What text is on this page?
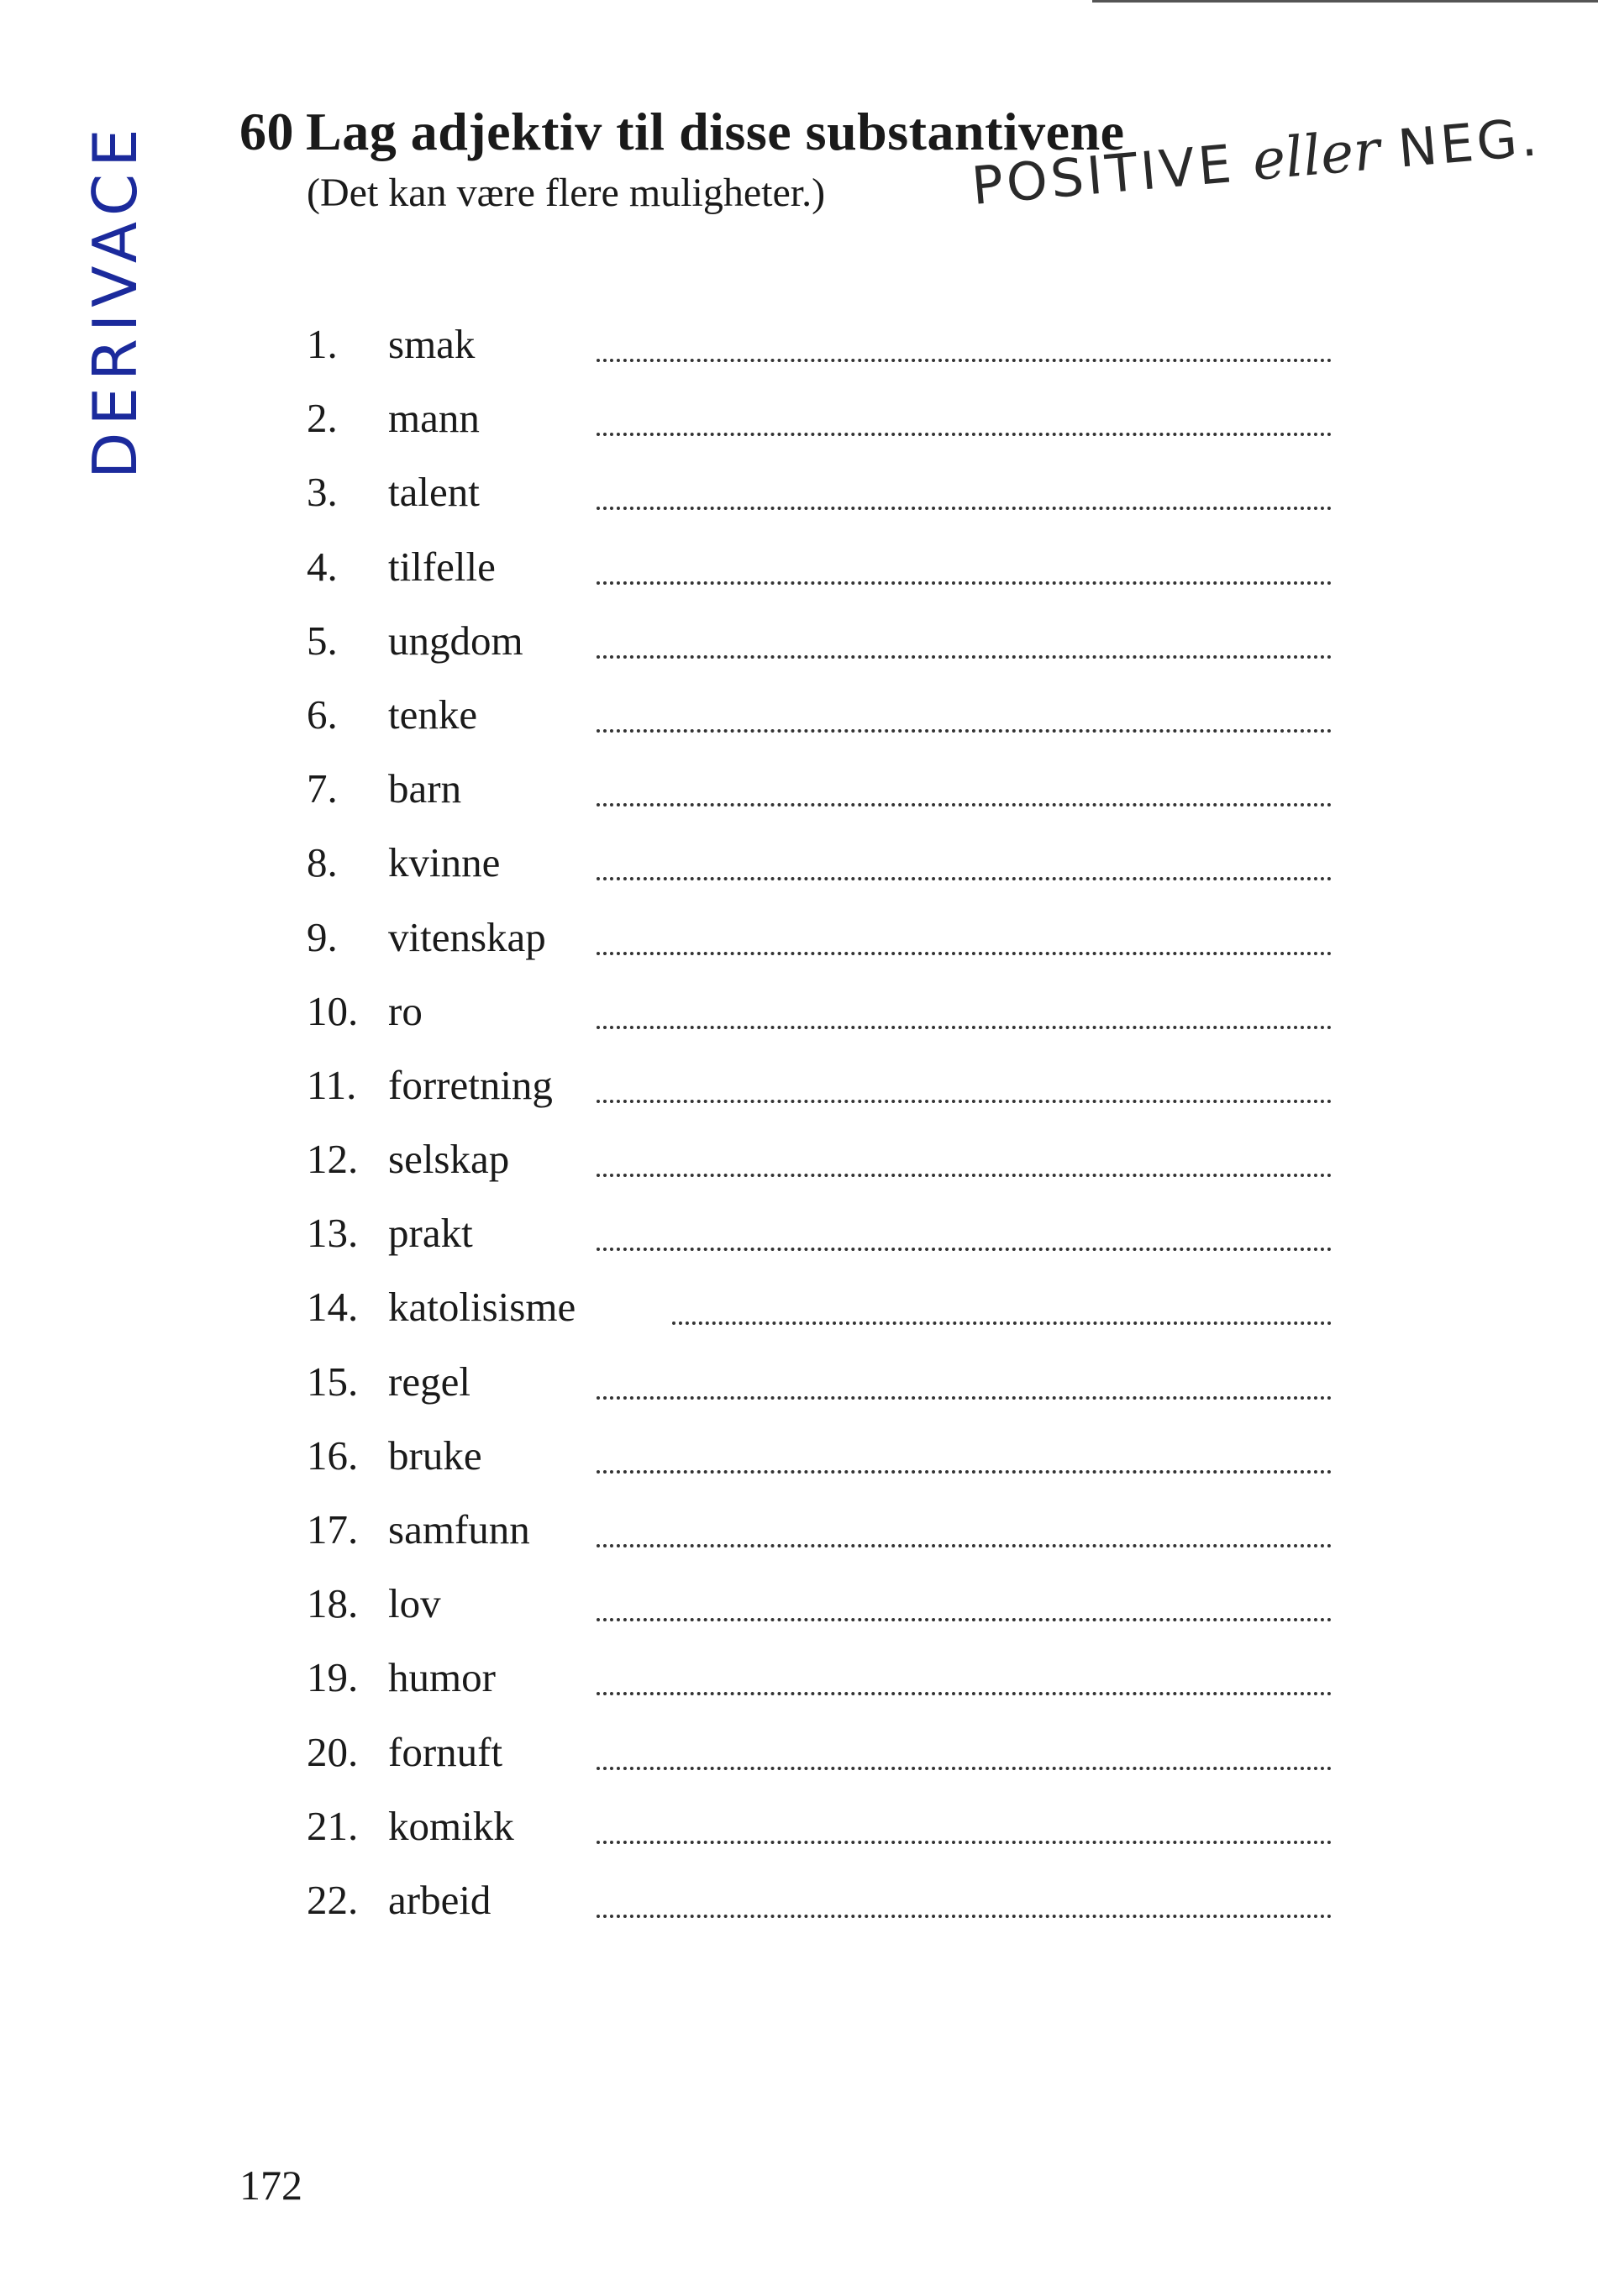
DERIVACE 60 Lag adjektiv til disse substantivene
(Det kan være flere muligheter.)	POSITIVE eller NEG.
1.	smak
2.	mann
3.	talent
4.	tilfelle
5.	ungdom
6.	tenke
7.	barn
8.	kvinne
9.	vitenskap
10. ro
11. forretning
12. selskap
13. prakt
14. katolisisme
15. regel
16. bruke
17. samfunn
18. lov
19. humor
20. fornuft
21. komikk
22. arbeid
172
